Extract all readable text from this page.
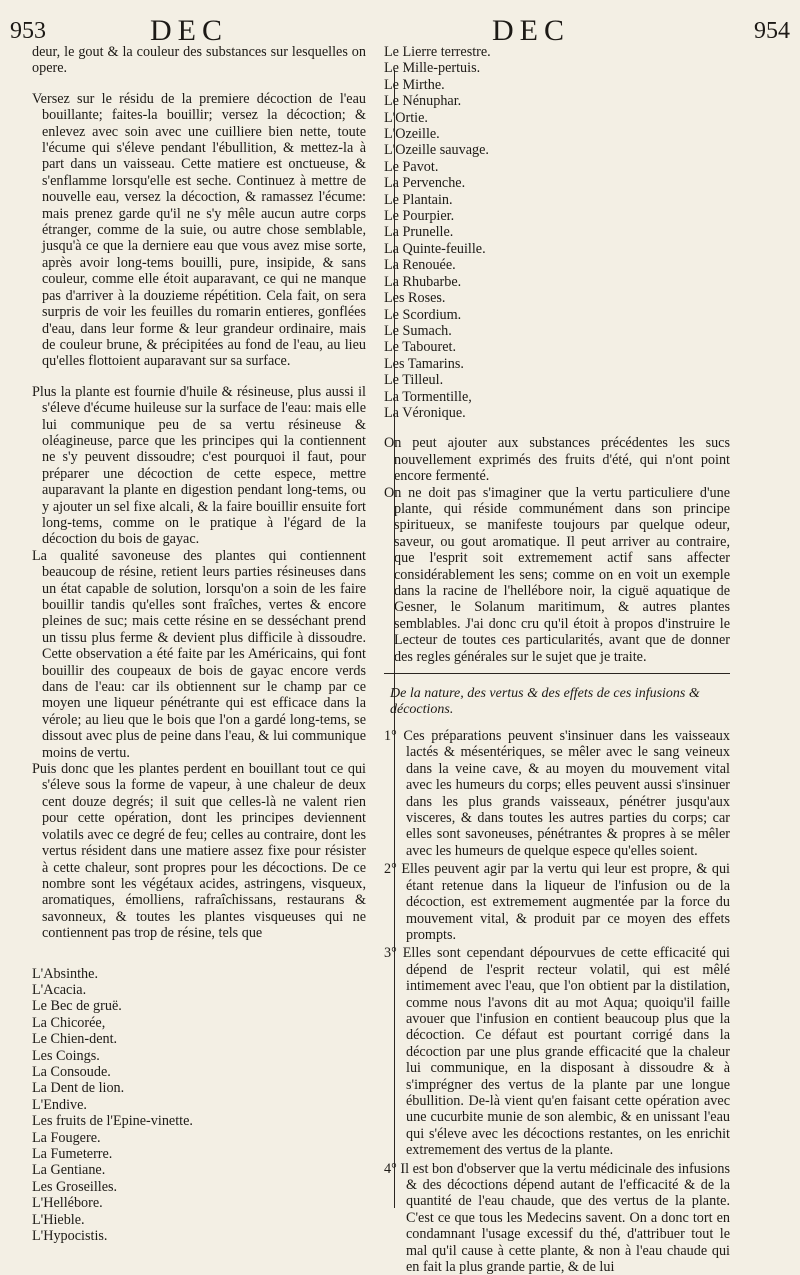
953	DEC	DEC	954

deur, le gout & la couleur des substances sur lesquelles on opere.

Versez sur le résidu de la premiere décoction de l'eau bouillante; faites-la bouillir; versez la décoction; & enlevez avec soin avec une cuilliere bien nette, toute l'écume qui s'éleve pendant l'ébullition, & mettez-la à part dans un vaisseau. Cette matiere est onctueuse, & s'enflamme lorsqu'elle est seche. Continuez à mettre de nouvelle eau, versez la décoction, & ramassez l'écume: mais prenez garde qu'il ne s'y mêle aucun autre corps étranger, comme de la suie, ou autre chose semblable, jusqu'à ce que la derniere eau que vous avez mise sorte, après avoir long-tems bouilli, pure, insipide, & sans couleur, comme elle étoit auparavant, ce qui ne manque pas d'arriver à la douzieme répétition. Cela fait, on sera surpris de voir les feuilles du romarin entieres, gonflées d'eau, dans leur forme & leur grandeur ordinaire, mais de couleur brune, & précipitées au fond de l'eau, au lieu qu'elles flottoient auparavant sur sa surface.

Plus la plante est fournie d'huile & résineuse, plus aussi il s'éleve d'écume huileuse sur la surface de l'eau: mais elle lui communique peu de sa vertu résineuse & oléagineuse, parce que les principes qui la contiennent ne s'y peuvent dissoudre; c'est pourquoi il faut, pour préparer une décoction de cette espece, mettre auparavant la plante en digestion pendant long-tems, ou y ajouter un sel fixe alcali, & la faire bouillir ensuite fort long-tems, comme on le pratique à l'égard de la décoction du bois de gayac.

La qualité savoneuse des plantes qui contiennent beaucoup de résine, retient leurs parties résineuses dans un état capable de solution, lorsqu'on a soin de les faire bouillir tandis qu'elles sont fraîches, vertes & encore pleines de suc; mais cette résine en se desséchant prend un tissu plus ferme & devient plus difficile à dissoudre. Cette observation a été faite par les Américains, qui font bouillir des coupeaux de bois de gayac encore verds dans de l'eau: car ils obtiennent sur le champ par ce moyen une liqueur pénétrante qui est efficace dans la vérole; au lieu que le bois que l'on a gardé long-tems, se dissout avec plus de peine dans l'eau, & lui communique moins de vertu.

Puis donc que les plantes perdent en bouillant tout ce qui s'éleve sous la forme de vapeur, à une chaleur de deux cent douze degrés; il suit que celles-là ne valent rien pour cette opération, dont les principes deviennent volatils avec ce degré de feu; celles au contraire, dont les vertus résident dans une matiere assez fixe pour résister à cette chaleur, sont propres pour les décoctions. De ce nombre sont les végétaux acides, astringens, visqueux, aromatiques, émolliens, rafraîchissans, restaurans & savonneux, & toutes les plantes visqueuses qui ne contiennent pas trop de résine, tels que

L'Absinthe.
L'Acacia.
Le Bec de gruë.
La Chicorée,
Le Chien-dent.
Les Coings.
La Consoude.
La Dent de lion.
L'Endive.
Les fruits de l'Epine-vinette.
La Fougere.
La Fumeterre.
La Gentiane.
Les Groseilles.
L'Hellébore.
L'Hieble.
L'Hypocistis.
Le Lierre terrestre.
Le Mille-pertuis.
Le Mirthe.
Le Nénuphar.
L'Ortie.
L'Ozeille.
L'Ozeille sauvage.
Le Pavot.
La Pervenche.
Le Plantain.
Le Pourpier.
La Prunelle.
La Quinte-feuille.
La Renouée.
La Rhubarbe.
Les Roses.
Le Scordium.
Le Sumach.
Le Tabouret.
Les Tamarins.
Le Tilleul.
La Tormentille,
La Véronique.

On peut ajouter aux substances précédentes les sucs nouvellement exprimés des fruits d'été, qui n'ont point encore fermenté.

On ne doit pas s'imaginer que la vertu particuliere d'une plante, qui réside communément dans son principe spiritueux, se manifeste toujours par quelque odeur, saveur, ou gout aromatique. Il peut arriver au contraire, que l'esprit soit extremement actif sans affecter considérablement les sens; comme on en voit un exemple dans la racine de l'hellébore noir, la ciguë aquatique de Gesner, le Solanum maritimum, & autres plantes semblables. J'ai donc cru qu'il étoit à propos d'instruire le Lecteur de toutes ces particularités, avant que de donner des regles générales sur le sujet que je traite.

De la nature, des vertus & des effets de ces infusions & décoctions.

1° Ces préparations peuvent s'insinuer dans les vaisseaux lactés & mésentériques, se mêler avec le sang veineux dans la veine cave, & au moyen du mouvement vital avec les humeurs du corps; elles peuvent aussi s'insinuer dans les plus grands vaisseaux, pénétrer jusqu'aux visceres, & dans toutes les autres parties du corps; car elles sont savoneuses, pénétrantes & propres à se mêler avec les humeurs de quelque espece qu'elles soient.

2° Elles peuvent agir par la vertu qui leur est propre, & qui étant retenue dans la liqueur de l'infusion ou de la décoction, est extremement augmentée par la force du mouvement vital, & produit par ce moyen des effets prompts.

3° Elles sont cependant dépourvues de cette efficacité qui dépend de l'esprit recteur volatil, qui est mêlé intimement avec l'eau, que l'on obtient par la distilation, comme nous l'avons dit au mot Aqua; quoiqu'il faille avouer que l'infusion en contient beaucoup plus que la décoction. Ce défaut est pourtant corrigé dans la décoction par une plus grande efficacité que la chaleur lui communique, en la disposant à dissoudre & à s'imprégner des vertus de la plante par une longue ébullition. De-là vient qu'en faisant cette opération avec une cucurbite munie de son alembic, & en unissant l'eau qui s'éleve avec les décoctions restantes, on les enrichit extremement des vertus de la plante.

4° Il est bon d'observer que la vertu médicinale des infusions & des décoctions dépend autant de l'efficacité & de la quantité de l'eau chaude, que des vertus de la plante. C'est ce que tous les Medecins savent. On a donc tort en condamnant l'usage excessif du thé, d'attribuer tout le mal qu'il cause à cette plante, & non à l'eau chaude qui en fait la plus grande partie, & de lui
